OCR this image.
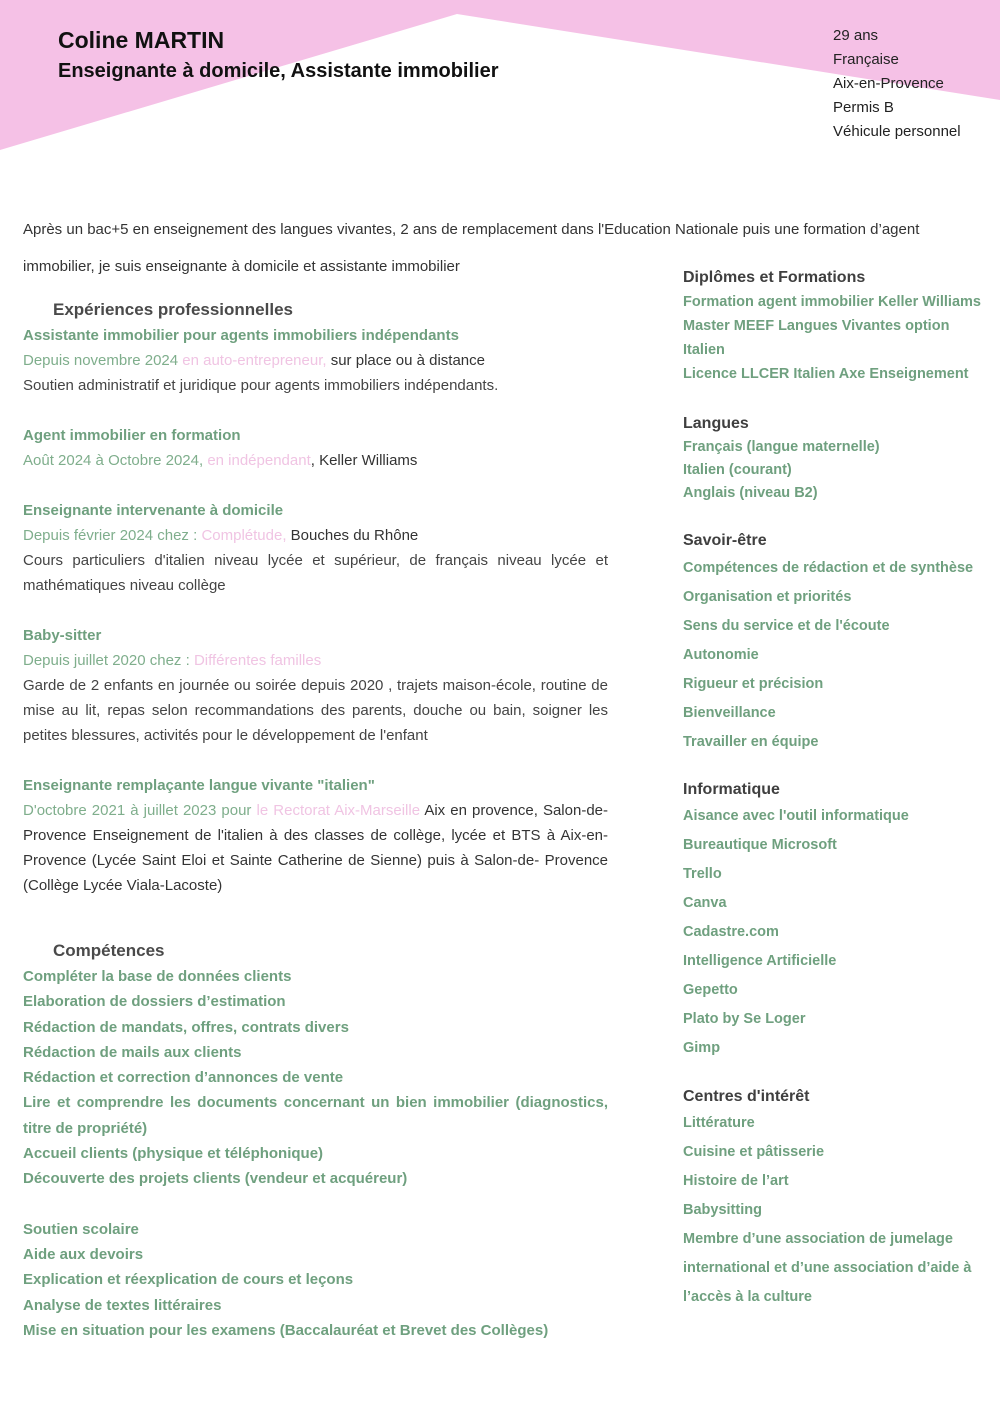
Coline MARTIN
Enseignante à domicile, Assistante immobilier
29 ans
Française
Aix-en-Provence
Permis B
Véhicule personnel
Après un bac+5 en enseignement des langues vivantes, 2 ans de remplacement dans l'Education Nationale puis une formation d’agent immobilier, je suis enseignante à domicile et assistante immobilier
Expériences professionnelles
Assistante immobilier pour agents immobiliers indépendants
Depuis novembre 2024 en auto-entrepreneur, sur place ou à distance
Soutien administratif et juridique pour agents immobiliers indépendants.
Agent immobilier en formation
Août 2024 à Octobre 2024, en indépendant, Keller Williams
Enseignante intervenante à domicile
Depuis février 2024 chez : Complétude, Bouches du Rhône
Cours particuliers d'italien niveau lycée et supérieur, de français niveau lycée et mathématiques niveau collège
Baby-sitter
Depuis juillet 2020 chez : Différentes familles
Garde de 2 enfants en journée ou soirée depuis 2020 , trajets maison-école, routine de mise au lit, repas selon recommandations des parents, douche ou bain, soigner les petites blessures, activités pour le développement de l'enfant
Enseignante remplaçante langue vivante "italien"
D'octobre 2021 à juillet 2023 pour le Rectorat Aix-Marseille Aix en provence, Salon-de-Provence Enseignement de l'italien à des classes de collège, lycée et BTS à Aix-en-Provence (Lycée Saint Eloi et Sainte Catherine de Sienne) puis à Salon-de- Provence (Collège Lycée Viala-Lacoste)
Compétences
Compléter la base de données clients
Elaboration de dossiers d’estimation
Rédaction de mandats, offres, contrats divers
Rédaction de mails aux clients
Rédaction et correction d’annonces de vente
Lire et comprendre les documents concernant un bien immobilier (diagnostics, titre de propriété)
Accueil clients (physique et téléphonique)
Découverte des projets clients (vendeur et acquéreur)
Soutien scolaire
Aide aux devoirs
Explication et réexplication de cours et leçons
Analyse de textes littéraires
Mise en situation pour les examens (Baccalauréat et Brevet des Collèges)
Diplômes et Formations
Formation agent immobilier Keller Williams
Master MEEF Langues Vivantes option Italien
Licence LLCER Italien Axe Enseignement
Langues
Français (langue maternelle)
Italien (courant)
Anglais (niveau B2)
Savoir-être
Compétences de rédaction et de synthèse
Organisation et priorités
Sens du service et de l'écoute
Autonomie
Rigueur et précision
Bienveillance
Travailler en équipe
Informatique
Aisance avec l'outil informatique
Bureautique Microsoft
Trello
Canva
Cadastre.com
Intelligence Artificielle
Gepetto
Plato by Se Loger
Gimp
Centres d'intérêt
Littérature
Cuisine et pâtisserie
Histoire de l’art
Babysitting
Membre d’une association de jumelage international et d’une association d’aide à l’accès à la culture
